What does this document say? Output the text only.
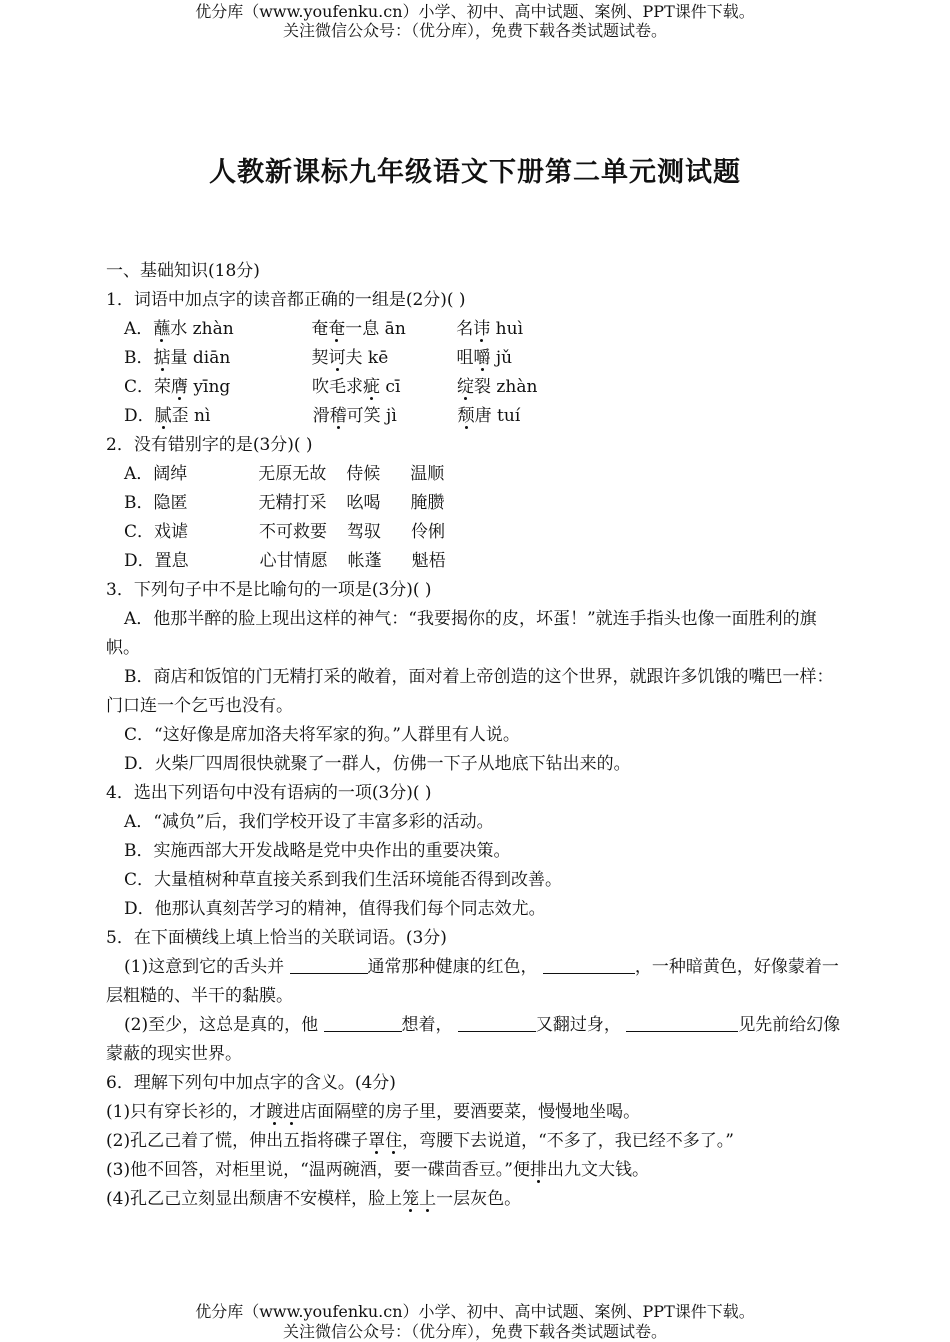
优分库（www.youfenku.cn）小学、初中、高中试题、案例、PPT课件下载。
关注微信公众号：（优分库），免费下载各类试题试卷。
人教新课标九年级语文下册第二单元测试题
一、基础知识(18分)
1．词语中加点字的读音都正确的一组是(2分)( )
A．蘸水 zhàn	奄奄一息 ān	名讳 huì
B．掂量 diān	契诃夫 kē	咀嚼 jǔ
C．荣膺 yīng	吹毛求疵 cī	绽裂 zhàn
D．腻歪 nì	滑稽可笑 jì	颓唐 tuí
2．没有错别字的是(3分)( )
A．阔绰	无原无故 侍候 温顺
B．隐匿	无精打采 吆喝 腌臜
C．戏谑	不可救要 驾驭 伶俐
D．置息	心甘情愿 帐蓬 魁梧
3．下列句子中不是比喻句的一项是(3分)( )
A．他那半醉的脸上现出这样的神气：“我要揭你的皮，坏蛋！”就连手指头也像一面胜利的旗帜。
B．商店和饭馆的门无精打采的敞着，面对着上帝创造的这个世界，就跟许多饥饿的嘴巴一样：门口连一个乞丐也没有。
C．“这好像是席加洛夫将军家的狗。”人群里有人说。
D．火柴厂四周很快就聚了一群人，仿佛一下子从地底下钻出来的。
4．选出下列语句中没有语病的一项(3分)( )
A．“减负”后，我们学校开设了丰富多彩的活动。
B．实施西部大开发战略是党中央作出的重要决策。
C．大量植树种草直接关系到我们生活环境能否得到改善。
D．他那认真刻苦学习的精神，值得我们每个同志效尤。
5．在下面横线上填上恰当的关联词语。(3分)
(1)这意到它的舌头并	通常那种健康的红色，	，一种暗黄色，好像蒙着一层粗糙的、半干的黏膜。
(2)至少，这总是真的，他	想着，	又翻过身，	见先前给幻像蒙蔽的现实世界。
6．理解下列句中加点字的含义。(4分)
(1)只有穿长衫的，才踱进店面隔壁的房子里，要酒要菜，慢慢地坐喝。
(2)孔乙己着了慌，伸出五指将碟子罩住，弯腰下去说道，“不多了，我已经不多了。”
(3)他不回答，对柜里说，“温两碗酒，要一碟茴香豆。”便排出九文大钱。
(4)孔乙己立刻显出颓唐不安模样，脸上笼上一层灰色。
优分库（www.youfenku.cn）小学、初中、高中试题、案例、PPT课件下载。
关注微信公众号：（优分库），免费下载各类试题试卷。
